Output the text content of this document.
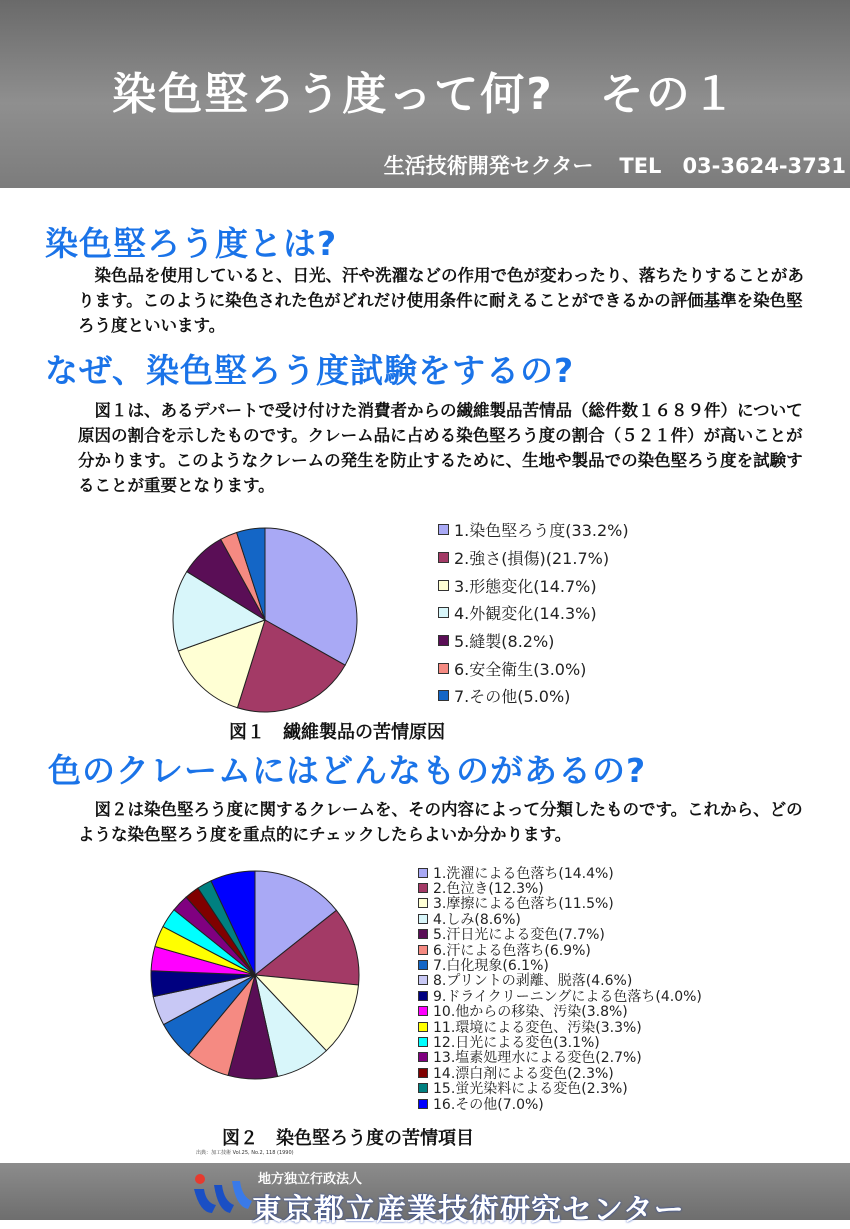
染色堅ろう度って何?　その１
生活技術開発セクター TEL　03-3624-3731
染色堅ろう度とは?
　染色品を使用していると、日光、汗や洗濯などの作用で色が変わったり、落ちたりすることがあります。このように染色された色がどれだけ使用条件に耐えることができるかの評価基準を染色堅ろう度といいます。
なぜ、染色堅ろう度試験をするの?
　図１は、あるデパートで受け付けた消費者からの繊維製品苦情品（総件数１６８９件）について原因の割合を示したものです。クレーム品に占める染色堅ろう度の割合（５２１件）が高いことが分かります。このようなクレームの発生を防止するために、生地や製品での染色堅ろう度を試験することが重要となります。
1.染色堅ろう度(33.2%)
2.強さ(損傷)(21.7%)
3.形態変化(14.7%)
4.外観変化(14.3%)
5.縫製(8.2%)
6.安全衛生(3.0%)
7.その他(5.0%)
図１　繊維製品の苦情原因
色のクレームにはどんなものがあるの?
　図２は染色堅ろう度に関するクレームを、その内容によって分類したものです。これから、どのような染色堅ろう度を重点的にチェックしたらよいか分かります。
1.洗濯による色落ち(14.4%)
2.色泣き(12.3%)
3.摩擦による色落ち(11.5%)
4.しみ(8.6%)
5.汗日光による変色(7.7%)
6.汗による色落ち(6.9%)
7.白化現象(6.1%)
8.プリントの剥離、脱落(4.6%)
9.ドライクリーニングによる色落ち(4.0%)
10.他からの移染、汚染(3.8%)
11.環境による変色、汚染(3.3%)
12.日光による変色(3.1%)
13.塩素処理水による変色(2.7%)
14.漂白剤による変色(2.3%)
15.蛍光染料による変色(2.3%)
16.その他(7.0%)
図２　染色堅ろう度の苦情項目
出典：加工技術 Vol.25, No.2, 118 (1990)
地方独立行政法人
東京都立産業技術研究センター
